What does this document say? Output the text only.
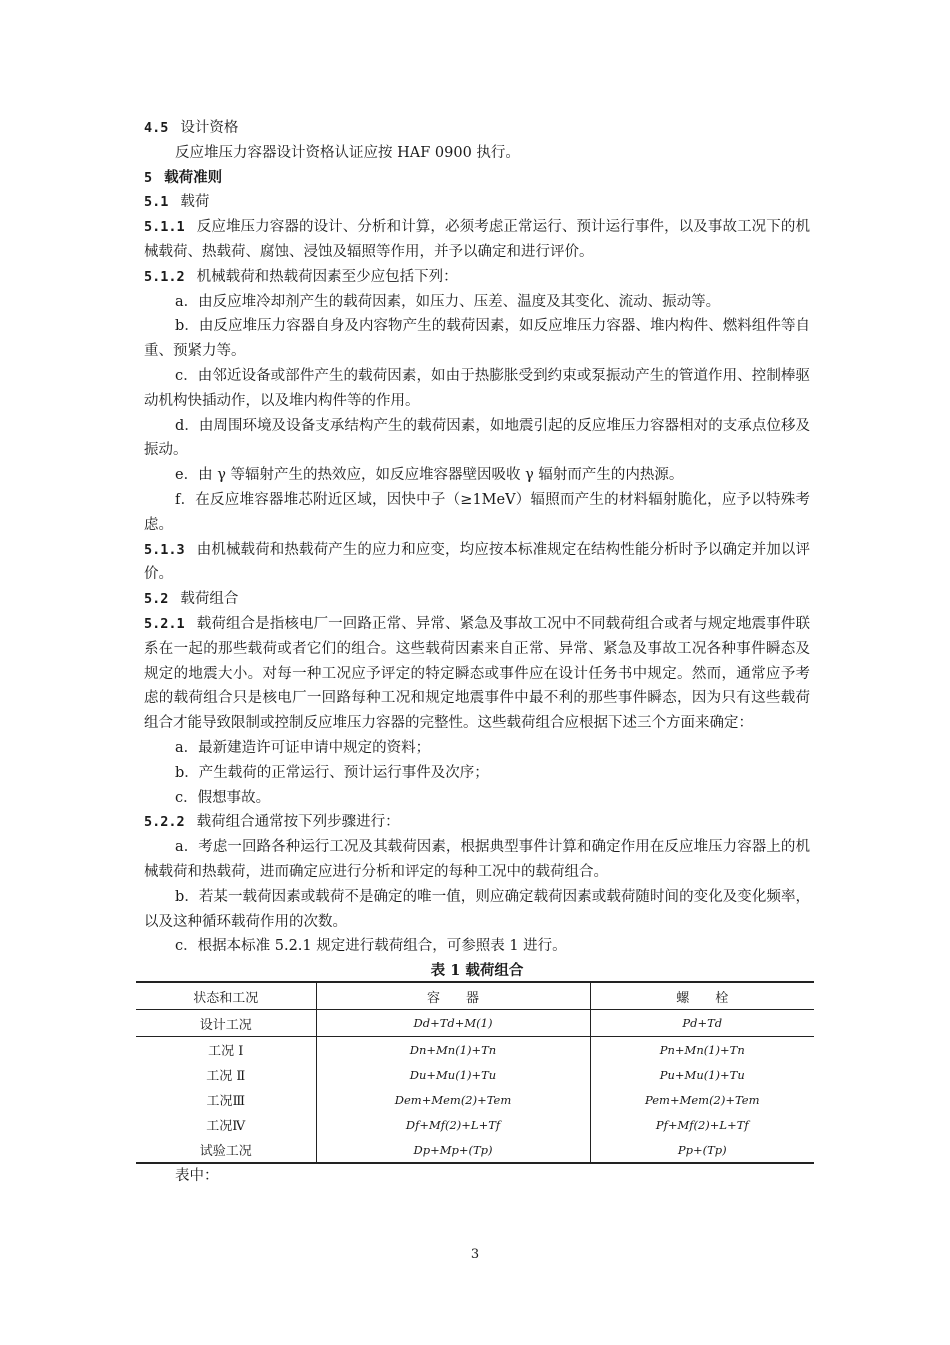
4.5 设计资格

反应堆压力容器设计资格认证应按 HAF 0900 执行。

5 载荷准则

5.1 载荷

5.1.1 反应堆压力容器的设计、分析和计算，必须考虑正常运行、预计运行事件，以及事故工况下的机械载荷、热载荷、腐蚀、浸蚀及辐照等作用，并予以确定和进行评价。

5.1.2 机械载荷和热载荷因素至少应包括下列：

a．由反应堆冷却剂产生的载荷因素，如压力、压差、温度及其变化、流动、振动等。

b．由反应堆压力容器自身及内容物产生的载荷因素，如反应堆压力容器、堆内构件、燃料组件等自重、预紧力等。

c．由邻近设备或部件产生的载荷因素，如由于热膨胀受到约束或泵振动产生的管道作用、控制棒驱动机构快插动作，以及堆内构件等的作用。

d．由周围环境及设备支承结构产生的载荷因素，如地震引起的反应堆压力容器相对的支承点位移及振动。

e．由 γ 等辐射产生的热效应，如反应堆容器壁因吸收 γ 辐射而产生的内热源。

f．在反应堆容器堆芯附近区域，因快中子（≥1MeV）辐照而产生的材料辐射脆化，应予以特殊考虑。

5.1.3 由机械载荷和热载荷产生的应力和应变，均应按本标准规定在结构性能分析时予以确定并加以评价。

5.2 载荷组合

5.2.1 载荷组合是指核电厂一回路正常、异常、紧急及事故工况中不同载荷组合或者与规定地震事件联系在一起的那些载荷或者它们的组合。这些载荷因素来自正常、异常、紧急及事故工况各种事件瞬态及规定的地震大小。对每一种工况应予评定的特定瞬态或事件应在设计任务书中规定。然而，通常应予考虑的载荷组合只是核电厂一回路每种工况和规定地震事件中最不利的那些事件瞬态，因为只有这些载荷组合才能导致限制或控制反应堆压力容器的完整性。这些载荷组合应根据下述三个方面来确定：

a．最新建造许可证申请中规定的资料；

b．产生载荷的正常运行、预计运行事件及次序；

c．假想事故。

5.2.2 载荷组合通常按下列步骤进行：

a．考虑一回路各种运行工况及其载荷因素，根据典型事件计算和确定作用在反应堆压力容器上的机械载荷和热载荷，进而确定应进行分析和评定的每种工况中的载荷组合。

b．若某一载荷因素或载荷不是确定的唯一值，则应确定载荷因素或载荷随时间的变化及变化频率，以及这种循环载荷作用的次数。

c．根据本标准 5.2.1 规定进行载荷组合，可参照表 1 进行。

表 1 载荷组合
状态和工况	容　　器	螺　　栓
设计工况	Dd+Td+M(1)	Pd+Td
工况 Ⅰ	Dn+Mn(1)+Tn	Pn+Mn(1)+Tn
工况 Ⅱ	Du+Mu(1)+Tu	Pu+Mu(1)+Tu
工况Ⅲ	Dem+Mem(2)+Tem	Pem+Mem(2)+Tem
工况Ⅳ	Df+Mf(2)+L+Tf	Pf+Mf(2)+L+Tf
试验工况	Dp+Mp+(Tp)	Pp+(Tp)

表中：

3
